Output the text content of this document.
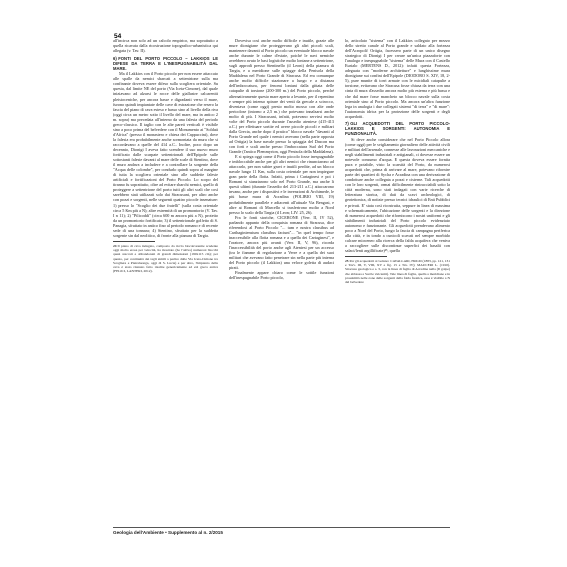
54

all'incirca non solo ad un calcolo empirico, ma soprattutto a quella ricavata dalla ricostruzione topografico-urbanistica qui allegata (v. Tav. II).

6) FONTI DEL PORTO PICCOLO – LAKKIOS LE DIFESE DA TERRA E L'INESPUGNABILITÀ DAL MARE.

Ma il Lakkios con il Porto piccolo per non essere attaccato alle spalle da nemici sbarcati a settentrione sulla ma confinante doveva essere difeso sulla scogliera orientale. Su questa, dal limite NE del porto (Via Iceta-Cimone), dal quale iniziavano ad alzarsi le rocce delle giallastre calcareniti pleistoceniche, per ancora basse e digradanti verso il mare, furono quindi impiantate delle cave di estrazione che resero la fascia del piano di cava esteso e basso sino al livello della riva (oggi circa un metro sotto il livello del mare, ma in antico 2 m. sopra) ma precedata all'interno da una falesia del periodo greco-classico. Il taglio con le alte pareti verticali è visibile sino a poco prima del belvedere con il Monumento ai "Soldati d'Africa" (presso il monastero e chiesa dei Cappuccini), dove la falesia era probabilmente anche sormontata da mura che si raccordavano a quelle del 414 a.C.. Inoltre, poco dopo un decennio, Dionigi I aveva fatto scendere il suo nuovo muro fortificato dalle scarpate settentrionali dell'Epipole sulle sottostanti falesie davanti al mare delle scale di Stentino, dove il muro andava a includere e a controllare la sorgente della "Acqua delle colombe", per condurlo quindi sopra al margine di tutta la scogliera orientale sino alle suddette falesie artificiali e fortificazioni del Porto Piccolo. Lo scopo del tiranno fu soprattutto, oltre ad evitare sbarchi nemici, quello di proteggere a settentrione del porto tutti gli altri scali che così sarebbero stati utilizzati solo dai Siracusani, per altro anche con pozzi e sorgenti, nelle seguenti quattro piccole insenature: 1) presso lo "Scoglio dei due fratelli" (sulla costa orientale circa 5 Km più a N); altre estremità di un promontorio (V. Tav. I n 11); 2) "Pilicoddi" (circa 600 m ancora più a N), protetto da un promontorio fortificato; 3) il settentrionale golfetto di S. Panagia, sfruttato in antico fino al periodo romano e di recente sede di una tonnara; 4) Stentino, sfruttato per la suddetta sorgente sin dal neolitico, di fronte alla pianura di Targia.

24Il piano di cava indagato, composto da riccia biocalcarenite scadente oggi molto erosa per velocità, ha mostrato (ho l'attivo) numerosi blocchi quasi staccati e abbandonati di grandi dimensioni (190x115 cm); per questo, per continuità dei tagli simili a partire dalle Via Iceta-Cimone tra Scogliera e Pietraluonga, oggi di S. Lucia) e per altro, l'impianto della cava è stato ritenuto fatto risalire genericamente ad età greca antica (FELICI, LANTERI, 2012).

Dovevisa così anche molto difficile e inutile, grazie alle mure dionigiane che proteggevano gli altri piccoli scali, mantenere davanti al Porto piccolo un eventuale blocco navale anche durante le calme d'estate, poiché le navi nemiche avrebbero avuto le basi logistiche molto lontane a settentrione, sugli approdi presso Stentinello (il Leoni) della pianura di Targia, e a meridione sulle spiagge della Penisola della Maddalena nel Porto Grande di Siracusa. Ed era comunque anche molto difficile stazionare a lungo e a distanza dell'imboccatura, per fenomi lontani dalla gittata delle catapulte di torsione (200-300 m.) del Porto piccolo, perché alternativamente questo mare aperto a levante, per il repentino e sempre più intenso spirare dei venti da grecale a scirocco, diventava (come oggi) presto molto mosso con alte onde pericolose (intorno a 2,5 m.) che potevano innalzarsi anche molto di più. I Siracusani, infatti, potevano servirsi molto volte del Porto piccolo durante l'assedio ateniese (415-413 a.C.) per effettuare sortite ed avere piccole piccoli e militari dalla Grecia, anche dopo il pratico" blocco navale "davanti al Porto Grande nel quale i nemici avevano (nella parte opposta ad Ortigia) la base navale presso la spiaggia del Dascon ma con forti e scali anche presso l'imboccatura Sud del Porto Grande (l'antico Plemmyrion, oggi Penisola della Maddalena).

E si spiega oggi come il Porto piccolo fosse inespugnabile e imbloccabile anche per gli altri nemici che rinunciarono ad attaccarlo, per non subire gravi e inutili perdite, ad un blocco navale lungo 11 Km, sulla costa orientale per non impiegare gran parte della flotta. Infatti, prima i Cartaginesi e poi i Romani si stanziarono solo nel Porto Grande, ma anche li questi ultimi (durante l'assedio del 213-211 a.C.) attaccarono invano, anche per i dispositivi e le invenzioni di Archimede, le più basse mura di Acradina (POLIBIO VIII, 19) probabilmente parallele e adiacenti all'attuale Via Bengasi, e altre ai Romani di Marcello si trasferirono molto a Nord presso lo scalo della Targia (il Leon; LIV. 25, 26).

Fra le fonti storiche, CICERONE (Verr. II, IV 52), parlando appunto della conquista romana di Siracusa, dice riferendosi al Porto Piccolo "... tum e nostra classibus ad Carthaginiensium classibus faciunt"... "in quel tempo fosse inaccessibile alla flotta romana e a quella dei Cartaginesi", e l'oratore, ancora più avanti (Verr. II, V, 96), ricorda l'inaccessibilità del porto anche agli Ateniesi per un accesso (tra le fiamme di regolazione a Verre e a quella dei suoi militari che avevano fatto penetrare sin nella parte più interna del Porto piccolo (il Lakkios) una veloce goletta di audaci pirati.

Finalmente appare chiaro come le sottile funzioni dell'inespugnabile Porto piccolo,

lo, articolato "sistema" con il Lakkios collegato per mezzo dello stretto canale al Porto grande e saldato alla fortezza dell'Acropoli/ Ortigia, facessero parte di un unico disegno strategico di Dionigi I per creare un'unica piazzaforte con l'analogo e inespugnabile "sistema" delle Mura con il Castello Eurialo (MERTENS D., 2012): infatti questa Fortezza, adeguata con "moderne architetture" e lunghissime mura dionigiane sui confini dell'Epipole (DIODORO S. XIV, 18, 2-5), pure munite di torri armate con le micidiali catapulte a torsione, evitavano che Siracusa fosse chiusa da terra con una cinta di mura d'assedio ancora molto più esterna e più bassa e che dal mare fosse mancheto un blocco navale sulla costa orientale sino al Porto piccolo. Ma ancora un'altra funzione lega in analogia i due collegati sistemi "di terra" e "di mare": l'autonomia idrica per la protezione delle sorgenti e degli acquedotti.

7) GLI ACQUEDOTTI DEL PORTO PICCOLO-LAKKIOS E SORGENTI: AUTONOMIA E FUNZIONALITÀ.

Si deve anche considerare che nel Porto Piccolo allora (come oggi) per le svigliamento giornaliero delle attività civili e militari dell'arsenale, connesse alle lavorazioni meccaniche e negli stabilimenti industriali e artigianali, ci dovesse essere un notevole consumo d'acqua. E questa doveva essere fornita pura e potabile, visto la scarsità del Porto, da numerosi acquedotti che, prima di arrivare al mare, potevano rifornire parte dei quartieri di Sycha e Acradina con una derivazione di condotture anche collegata a pozzi e cisterne. Tali acquedotti con le loro sorgenti, ormai difficilmente rintracciabili sotto la città moderna, sono stati indagati con varie ricerche di letteratura storica, di dati da scavi archeologici, di geotettonica, di notizie presso tecnici idraulici di Enti Pubblici e privati. E' stata così ricostruita, seppure in linea di massima e schematicamente, l'ubicazione delle sorgenti e la direzione di numerosi acquedotti che riforniscono i nostri uniformi e gli stabilimenti industriali del Porto piccolo evidenziato autonomo e funzionante. Gli acquedotti prendevano alimento poco a Nord del Porto, lungo la fascia di campagna periferica alla città, e in tondo a cunicoli scavati nel sempre morbido calcare mioceneo alla ricerca della falda acquifera che veniva a raccogliere sulle discontinue superfici dei basalti con salaci/lenti argillificate)²⁵, quella

25Per gli acquedotti si vedano: CAVALLARI, HOLM (1883, pp. 121, 131 e Tavv. III, V, VIII, XV e fig. 15 e Tav. IV); MAUCERI L. (1910). Siracusa geologica e s. 3, con la linea di faglia di Acradina nella (Il golpe) che abbassa a Sud le vulcaniti). Tale linea di faglia, quella a meridione e in prossimità nelle zone delle sorgenti della falda freatica, essa è visibile a N del belvedere
Geologia dell'Ambiente • Supplemento al n. 2/2015
